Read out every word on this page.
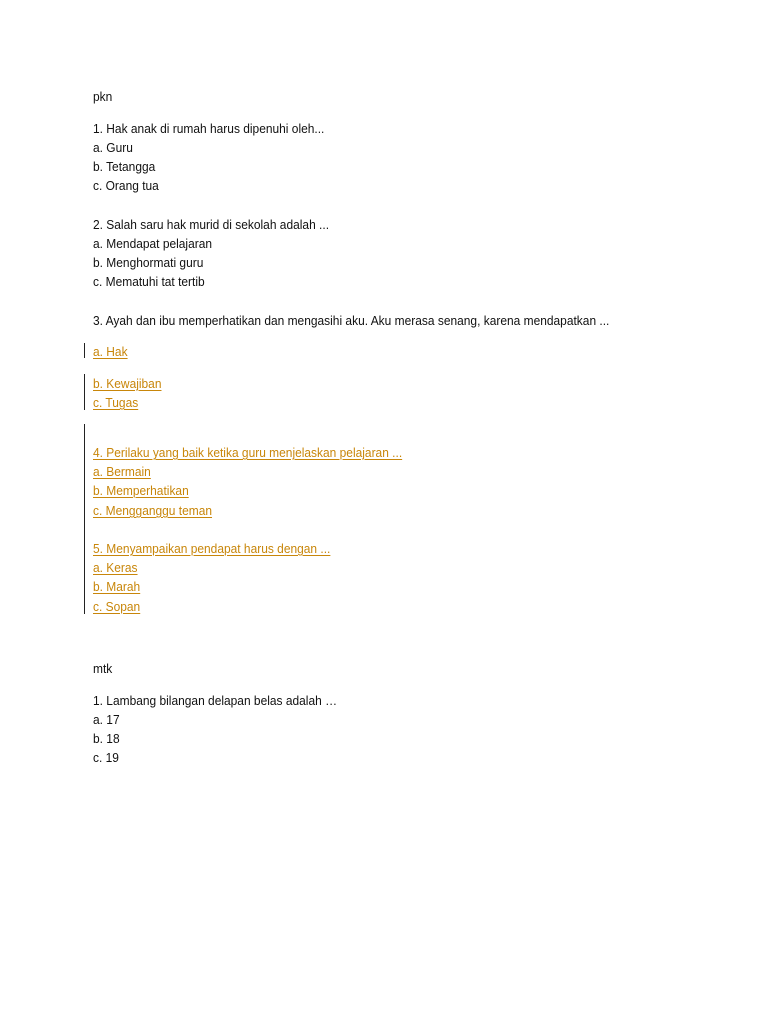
pkn
1. Hak anak di rumah harus dipenuhi oleh...
a. Guru
b. Tetangga
c. Orang tua
2. Salah saru hak murid di sekolah adalah ...
a. Mendapat pelajaran
b. Menghormati guru
c. Mematuhi tat tertib
3. Ayah dan ibu memperhatikan dan mengasihi aku. Aku merasa senang, karena mendapatkan ...
a. Hak
b. Kewajiban
c. Tugas
4. Perilaku yang baik ketika guru menjelaskan pelajaran ...
a. Bermain
b. Memperhatikan
c. Mengganggu teman
5. Menyampaikan pendapat harus dengan ...
a. Keras
b. Marah
c. Sopan
mtk
1. Lambang bilangan delapan belas adalah …
a. 17
b. 18
c. 19
